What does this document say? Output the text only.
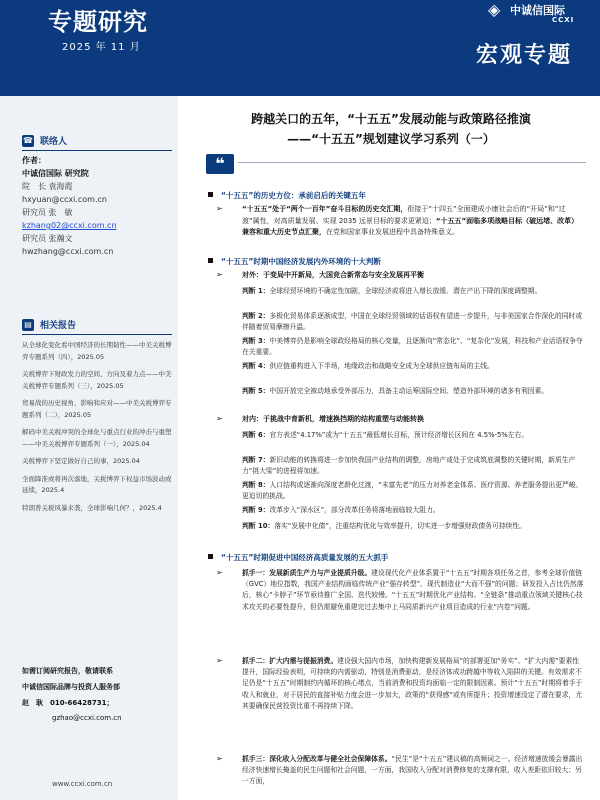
专题研究
2025 年 11 月
◈ 中诚信国际
CCXI
宏观专题
☎ 联络人
作者：
中诚信国际 研究院
院　长 袁海霞
hxyuan@ccxi.com.cn
研究员 张　敏
kzhang02@ccxi.com.cn
研究员 张瀚文
hwzhang@ccxi.com.cn
▤ 相关报告
从全球化变化看中国经济的长期韧性——中美关税博弈专题系列（四），2025.05
关税博弈下财政发力的空间、方向及着力点——中美关税博弈专题系列（三），2025.05
贸易战的历史视角、影响和应对——中美关税博弈专题系列（二），2025.05
解码中美关税冲突的全球化与重点行业的冲击与重塑——中美关税博弈专题系列（一），2025.04
关税博弈下坚定做好自己的事，2025.04
全面降准或将再次落地，关税博弈下权益市场波动或延续，2025.4
特朗普关税风暴来袭，全球影响几何？，2025.4
如需订阅研究报告，敬请联系
中诚信国际品牌与投资人服务部
赵　耿　010-66428731；
gzhao@ccxi.com.cn
www.ccxi.com.cn
跨越关口的五年，“十五五”发展动能与政策路径推演
——“十五五”规划建议学习系列（一）
❝
“十五五”的历史方位：承前启后的关键五年
➢	“十五五”处于“两个一百年”奋斗目标的历史交汇期，衔接于“十四五”全面建成小康社会后的“开局”和“过渡”属性，对高质量发展、实现 2035 远景目标的要求更紧迫；“十五五”面临多项战略目标（破远堵、改革）兼容和重大历史节点汇聚，在党和国家事业发展进程中具备特殊意义。
“十五五”时期中国经济发展内外环境的十大判断
➢	对外：于变局中开新局，大国竞合新常态与安全发展再平衡
判断 1：全球经贸环境的不确定性加剧，全球经济或将进入增长放缓、潜在产出下降的深度调整期。
判断 2：多极化贸易体系逐渐成型，中国在全球经贸领域的话语权有望进一步提升，与非美国家合作深化的同时或伴随着贸易摩擦升温。
判断 3：中美博弈仍是影响全球政经格局的核心变量，且逐渐向“常态化”、“复杂化”发展，科技和产业话语权争夺在关重要。
判断 4：供应链重构进入下半场，地缘政治和战略安全成为全球供应链布局的主线。
判断 5：中国开放完全被动地承受外部压力，具备主动运筹国际空间、塑造外部环境的诸多有利因素。
➢	对内：于挑战中育新机，增速换挡期的结构重塑与动能转换
判断 6：官方表述“4.17%”或为“十五五”最低增长目标，预计经济增长区间在 4.5%-5%左右。
判断 7：新旧动能的转换将进一步加快我国产业结构的调整，房地产或处于完成筑底调整的关键时期，新质生产力“挑大梁”的进程将加速。
判断 8：人口结构或逐渐向深度老龄化过渡，“未富先老”的压力对养老金体系、医疗资源、养老服务提出更严峻、更迫切的挑战。
判断 9：改革步入“深水区”，部分改革任务将落地面临较大阻力。
判断 10：落实“发展中化债”，注重结构优化与效率提升，切实进一步增强财政债务可持续性。
“十五五”时期促进中国经济高质量发展的五大抓手
➢	抓手一：发展新质生产力与产业提质升级。建设现代化产业体系置于“十五五”时期各项任务之首，参考全球价值链（GVC）地位指数，我国产业结构面临传统产业“强存转型”、现代制造业“大而不强”的问题；研发投入占比仍然落后，核心“卡脖子”环节亟待推广全国、迭代较慢。“十五五”时期优化产业结构、“全链条”推动重点领域关键核心技术攻关的必要性提升，但仍需避免重建完过去集中上马同质新兴产业项目造成的行业“内卷”问题。
➢	抓手二：扩大内需与提振消费。建设强大国内市场，加快构建新发展格局”的部署更加“务实”、“扩大内需”要素性提升，国际经验表明，可持续的内需驱动，特别是消费驱动，是经济体成功跨越中等收入陷阱的关键。有效需求不足仍是“十五五”时期制约内循环的核心堵点，当前消费和投资均面临一定的限制因素。预计“十五五”时期将着手于收入和就业，对于居民的直接补贴力度会进一步加大，政策的“获得感”或有所提升；投资增速没定了潜在要求，尤其要确保民营投资比重不再持续下降。
➢	抓手三：深化收入分配改革与健全社会保障体系。“民生”是“十五五”建议稿的高频词之一。经济增速放缓会暴露出经济快速增长掩盖的民生问题和社会问题，一方面，我国收入分配对消费修复的支撑有限，收入差距依旧较大；另一方面，
